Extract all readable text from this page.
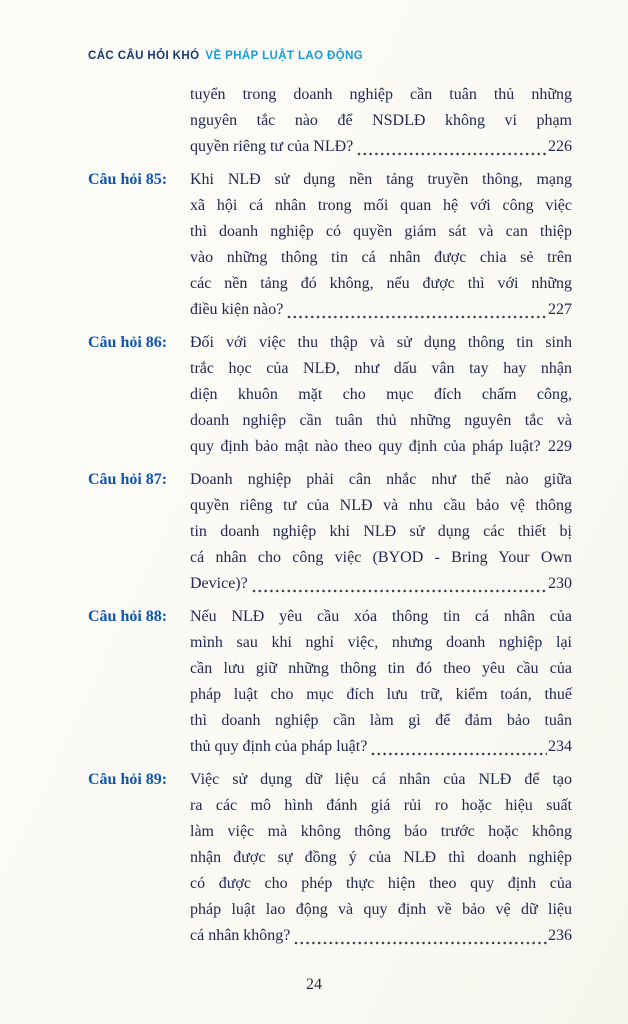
CÁC CÂU HỎI KHÓ VỀ PHÁP LUẬT LAO ĐỘNG
tuyển trong doanh nghiệp cần tuân thủ những
nguyên tắc nào để NSDLĐ không vi phạm
quyền riêng tư của NLĐ?	226
Câu hỏi 85:	Khi NLĐ sử dụng nền tảng truyền thông, mạng
xã hội cá nhân trong mối quan hệ với công việc
thì doanh nghiệp có quyền giám sát và can thiệp
vào những thông tin cá nhân được chia sẻ trên
các nền tảng đó không, nếu được thì với những
điều kiện nào?	227
Câu hỏi 86:	Đối với việc thu thập và sử dụng thông tin sinh
trắc học của NLĐ, như dấu vân tay hay nhận
diện khuôn mặt cho mục đích chấm công,
doanh nghiệp cần tuân thủ những nguyên tắc và
quy định bảo mật nào theo quy định của pháp luật? 229
Câu hỏi 87:	Doanh nghiệp phải cân nhắc như thế nào giữa
quyền riêng tư của NLĐ và nhu cầu bảo vệ thông
tin doanh nghiệp khi NLĐ sử dụng các thiết bị
cá nhân cho công việc (BYOD - Bring Your Own
Device)?	230
Câu hỏi 88:	Nếu NLĐ yêu cầu xóa thông tin cá nhân của
mình sau khi nghỉ việc, nhưng doanh nghiệp lại
cần lưu giữ những thông tin đó theo yêu cầu của
pháp luật cho mục đích lưu trữ, kiểm toán, thuế
thì doanh nghiệp cần làm gì để đảm bảo tuân
thủ quy định của pháp luật?	234
Câu hỏi 89:	Việc sử dụng dữ liệu cá nhân của NLĐ để tạo
ra các mô hình đánh giá rủi ro hoặc hiệu suất
làm việc mà không thông báo trước hoặc không
nhận được sự đồng ý của NLĐ thì doanh nghiệp
có được cho phép thực hiện theo quy định của
pháp luật lao động và quy định về bảo vệ dữ liệu
cá nhân không?	236
24
